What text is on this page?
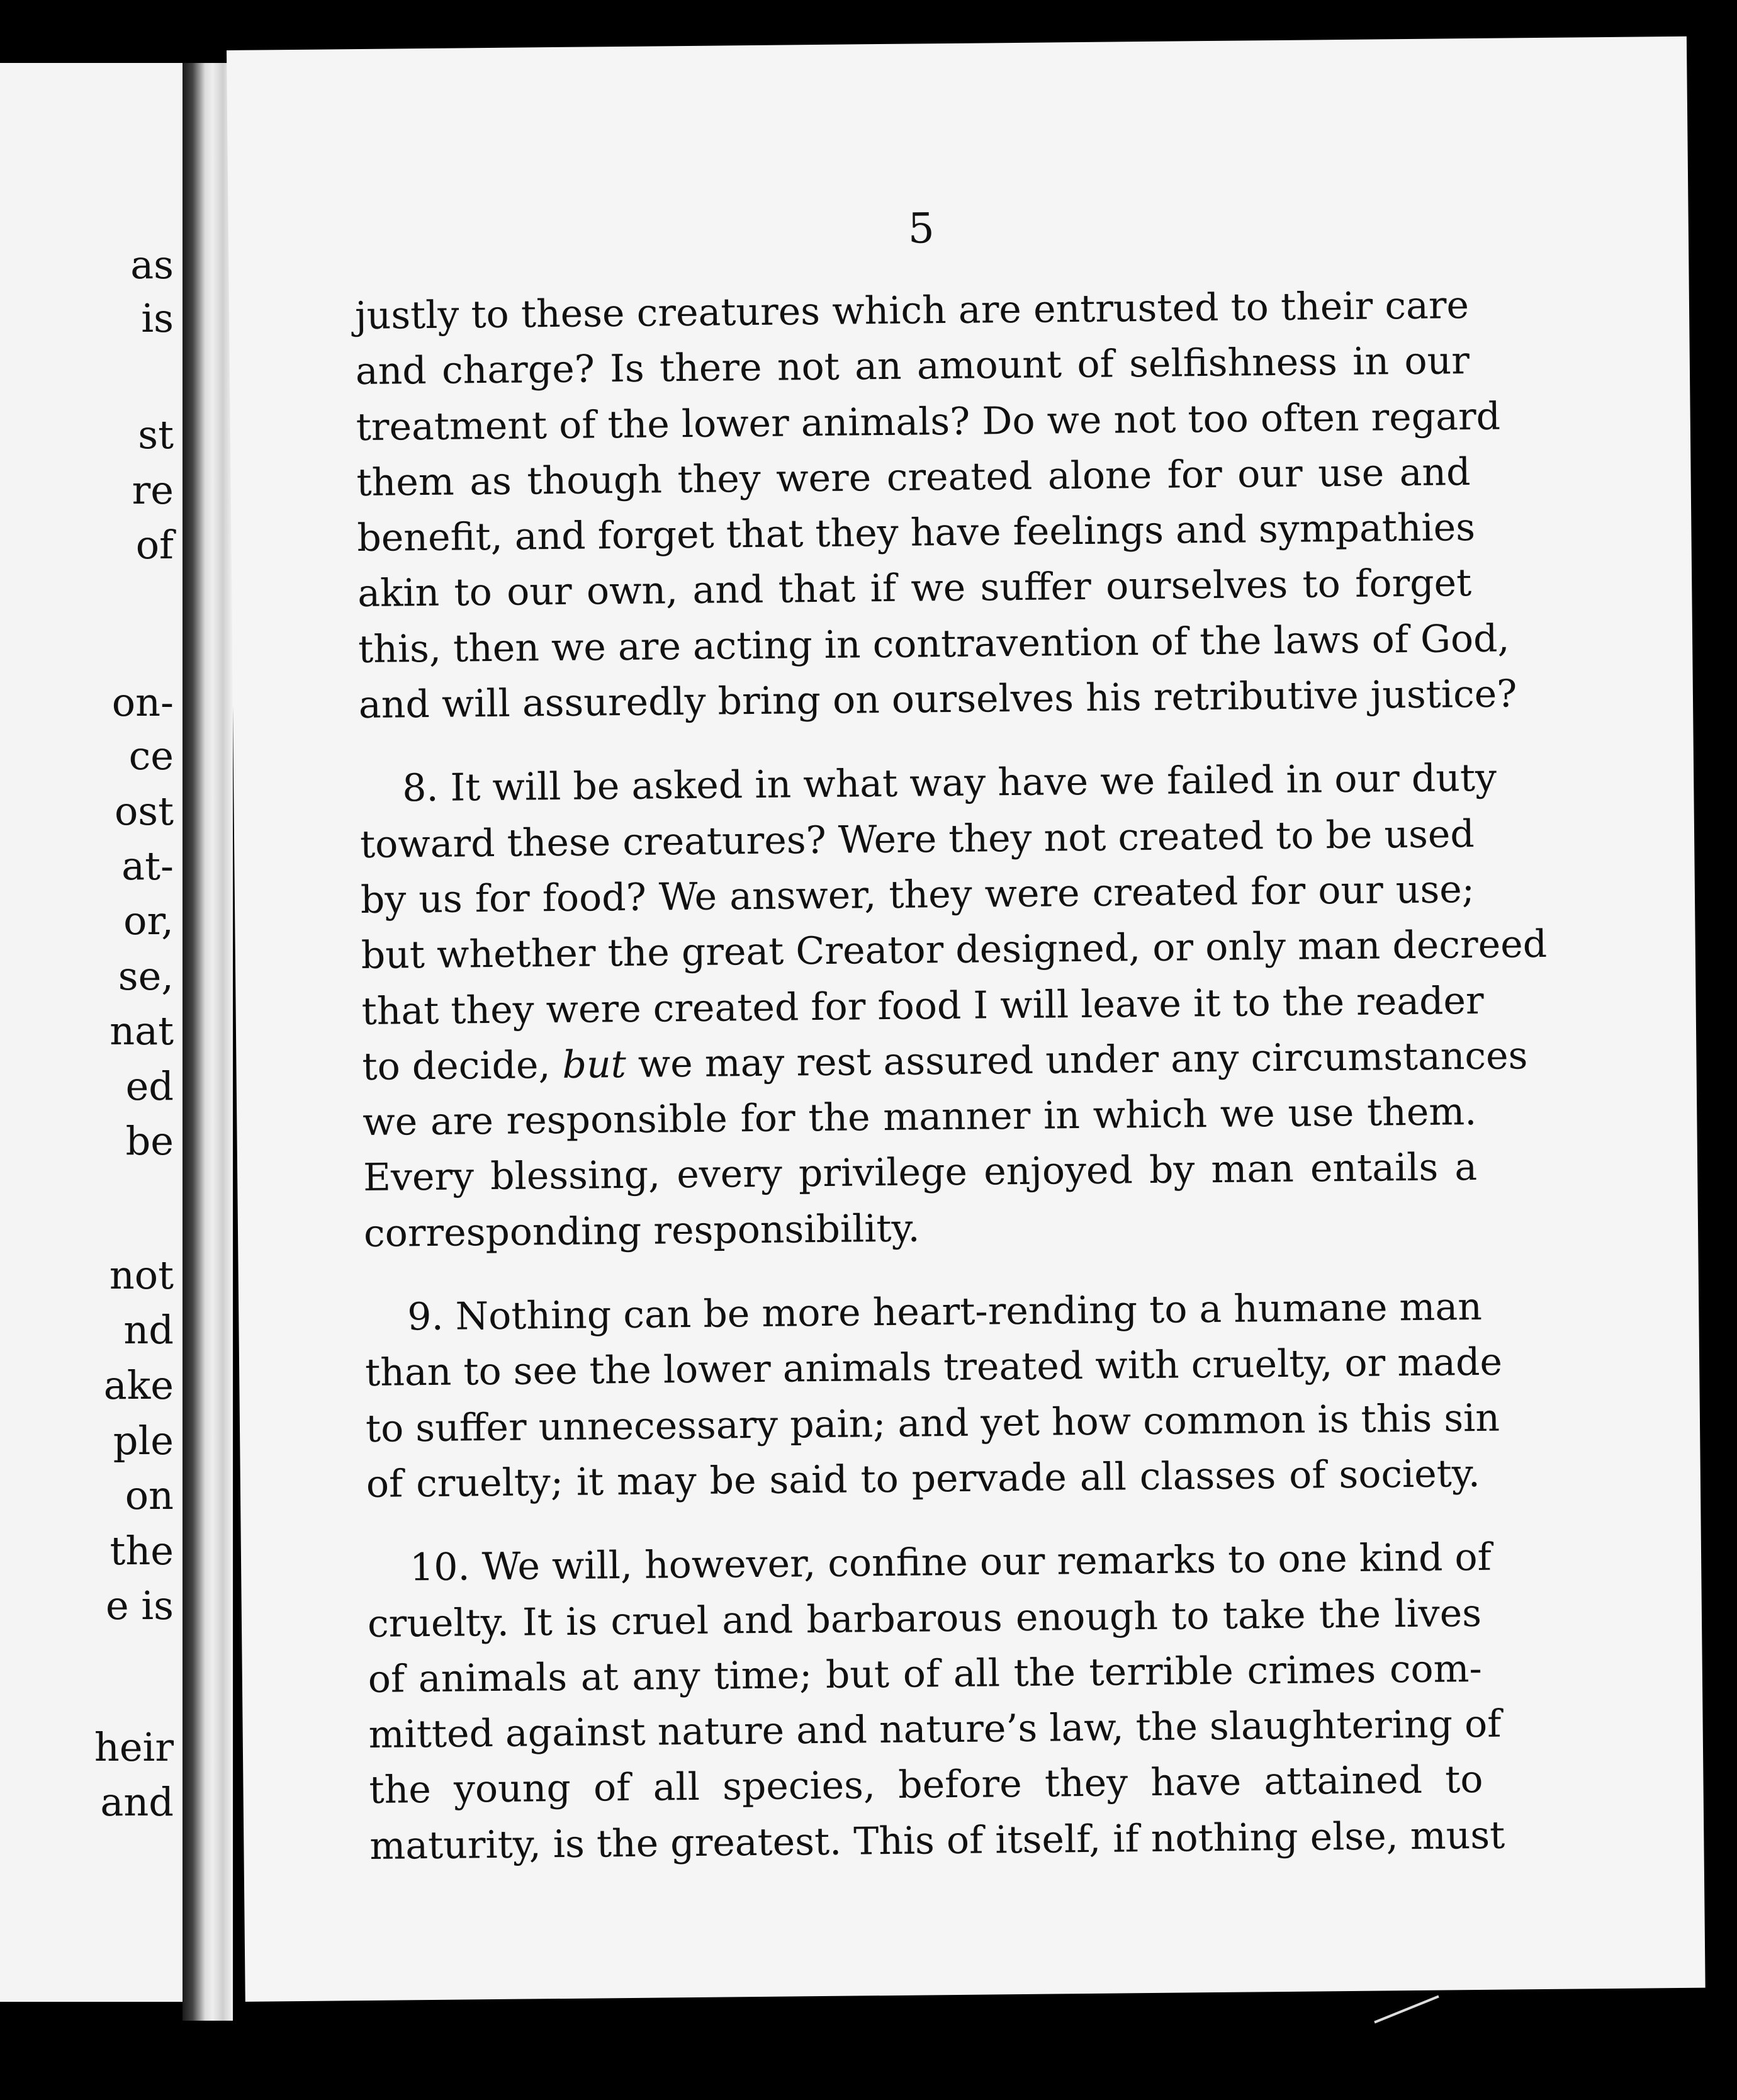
as
is
st
re
of
on-
ce
ost
at-
or,
se,
nat
ed
be
not
nd
ake
ple
on
the
e is
heir
and
5
justly to these creatures which are entrusted to their care
and charge? Is there not an amount of selfishness in our
treatment of the lower animals? Do we not too often regard
them as though they were created alone for our use and
benefit, and forget that they have feelings and sympathies
akin to our own, and that if we suffer ourselves to forget
this, then we are acting in contravention of the laws of God,
and will assuredly bring on ourselves his retributive justice?
8. It will be asked in what way have we failed in our duty
toward these creatures? Were they not created to be used
by us for food? We answer, they were created for our use;
but whether the great Creator designed, or only man decreed
that they were created for food I will leave it to the reader
to decide, but we may rest assured under any circumstances
we are responsible for the manner in which we use them.
Every blessing, every privilege enjoyed by man entails a
corresponding responsibility.
9. Nothing can be more heart-rending to a humane man
than to see the lower animals treated with cruelty, or made
to suffer unnecessary pain; and yet how common is this sin
of cruelty; it may be said to pervade all classes of society.
10. We will, however, confine our remarks to one kind of
cruelty. It is cruel and barbarous enough to take the lives
of animals at any time; but of all the terrible crimes com-
mitted against nature and nature’s law, the slaughtering of
the young of all species, before they have attained to
maturity, is the greatest. This of itself, if nothing else, must
